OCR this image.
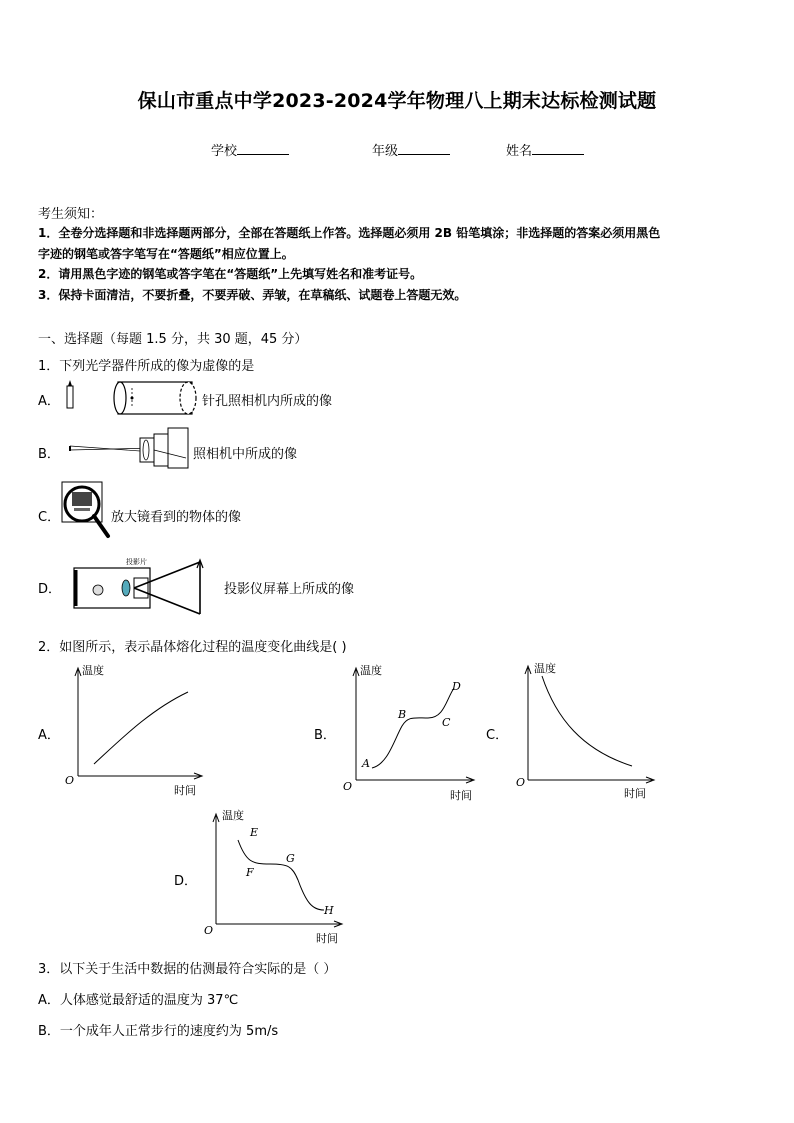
保山市重点中学2023-2024学年物理八上期末达标检测试题
学校	年级	姓名
考生须知：
1．全卷分选择题和非选择题两部分，全部在答题纸上作答。选择题必须用 2B 铅笔填涂；非选择题的答案必须用黑色
字迹的钢笔或答字笔写在“答题纸”相应位置上。
2．请用黑色字迹的钢笔或答字笔在“答题纸”上先填写姓名和准考证号。
3．保持卡面清洁，不要折叠，不要弄破、弄皱，在草稿纸、试题卷上答题无效。
一、选择题（每题 1.5 分，共 30 题，45 分）
1．下列光学器件所成的像为虚像的是
A．	针孔照相机内所成的像
B．	照相机中所成的像
C．	放大镜看到的物体的像
D．
投影片
投影仪屏幕上所成的像
2．如图所示，表示晶体熔化过程的温度变化曲线是( )
A．
温度
时间
O
B．
温度
时间
O
A
B
C
D
C．
温度
时间
O
D．
温度
时间
O
E
F
G
H
3．以下关于生活中数据的估测最符合实际的是（ ）
A．人体感觉最舒适的温度为 37℃
B．一个成年人正常步行的速度约为 5m/s
